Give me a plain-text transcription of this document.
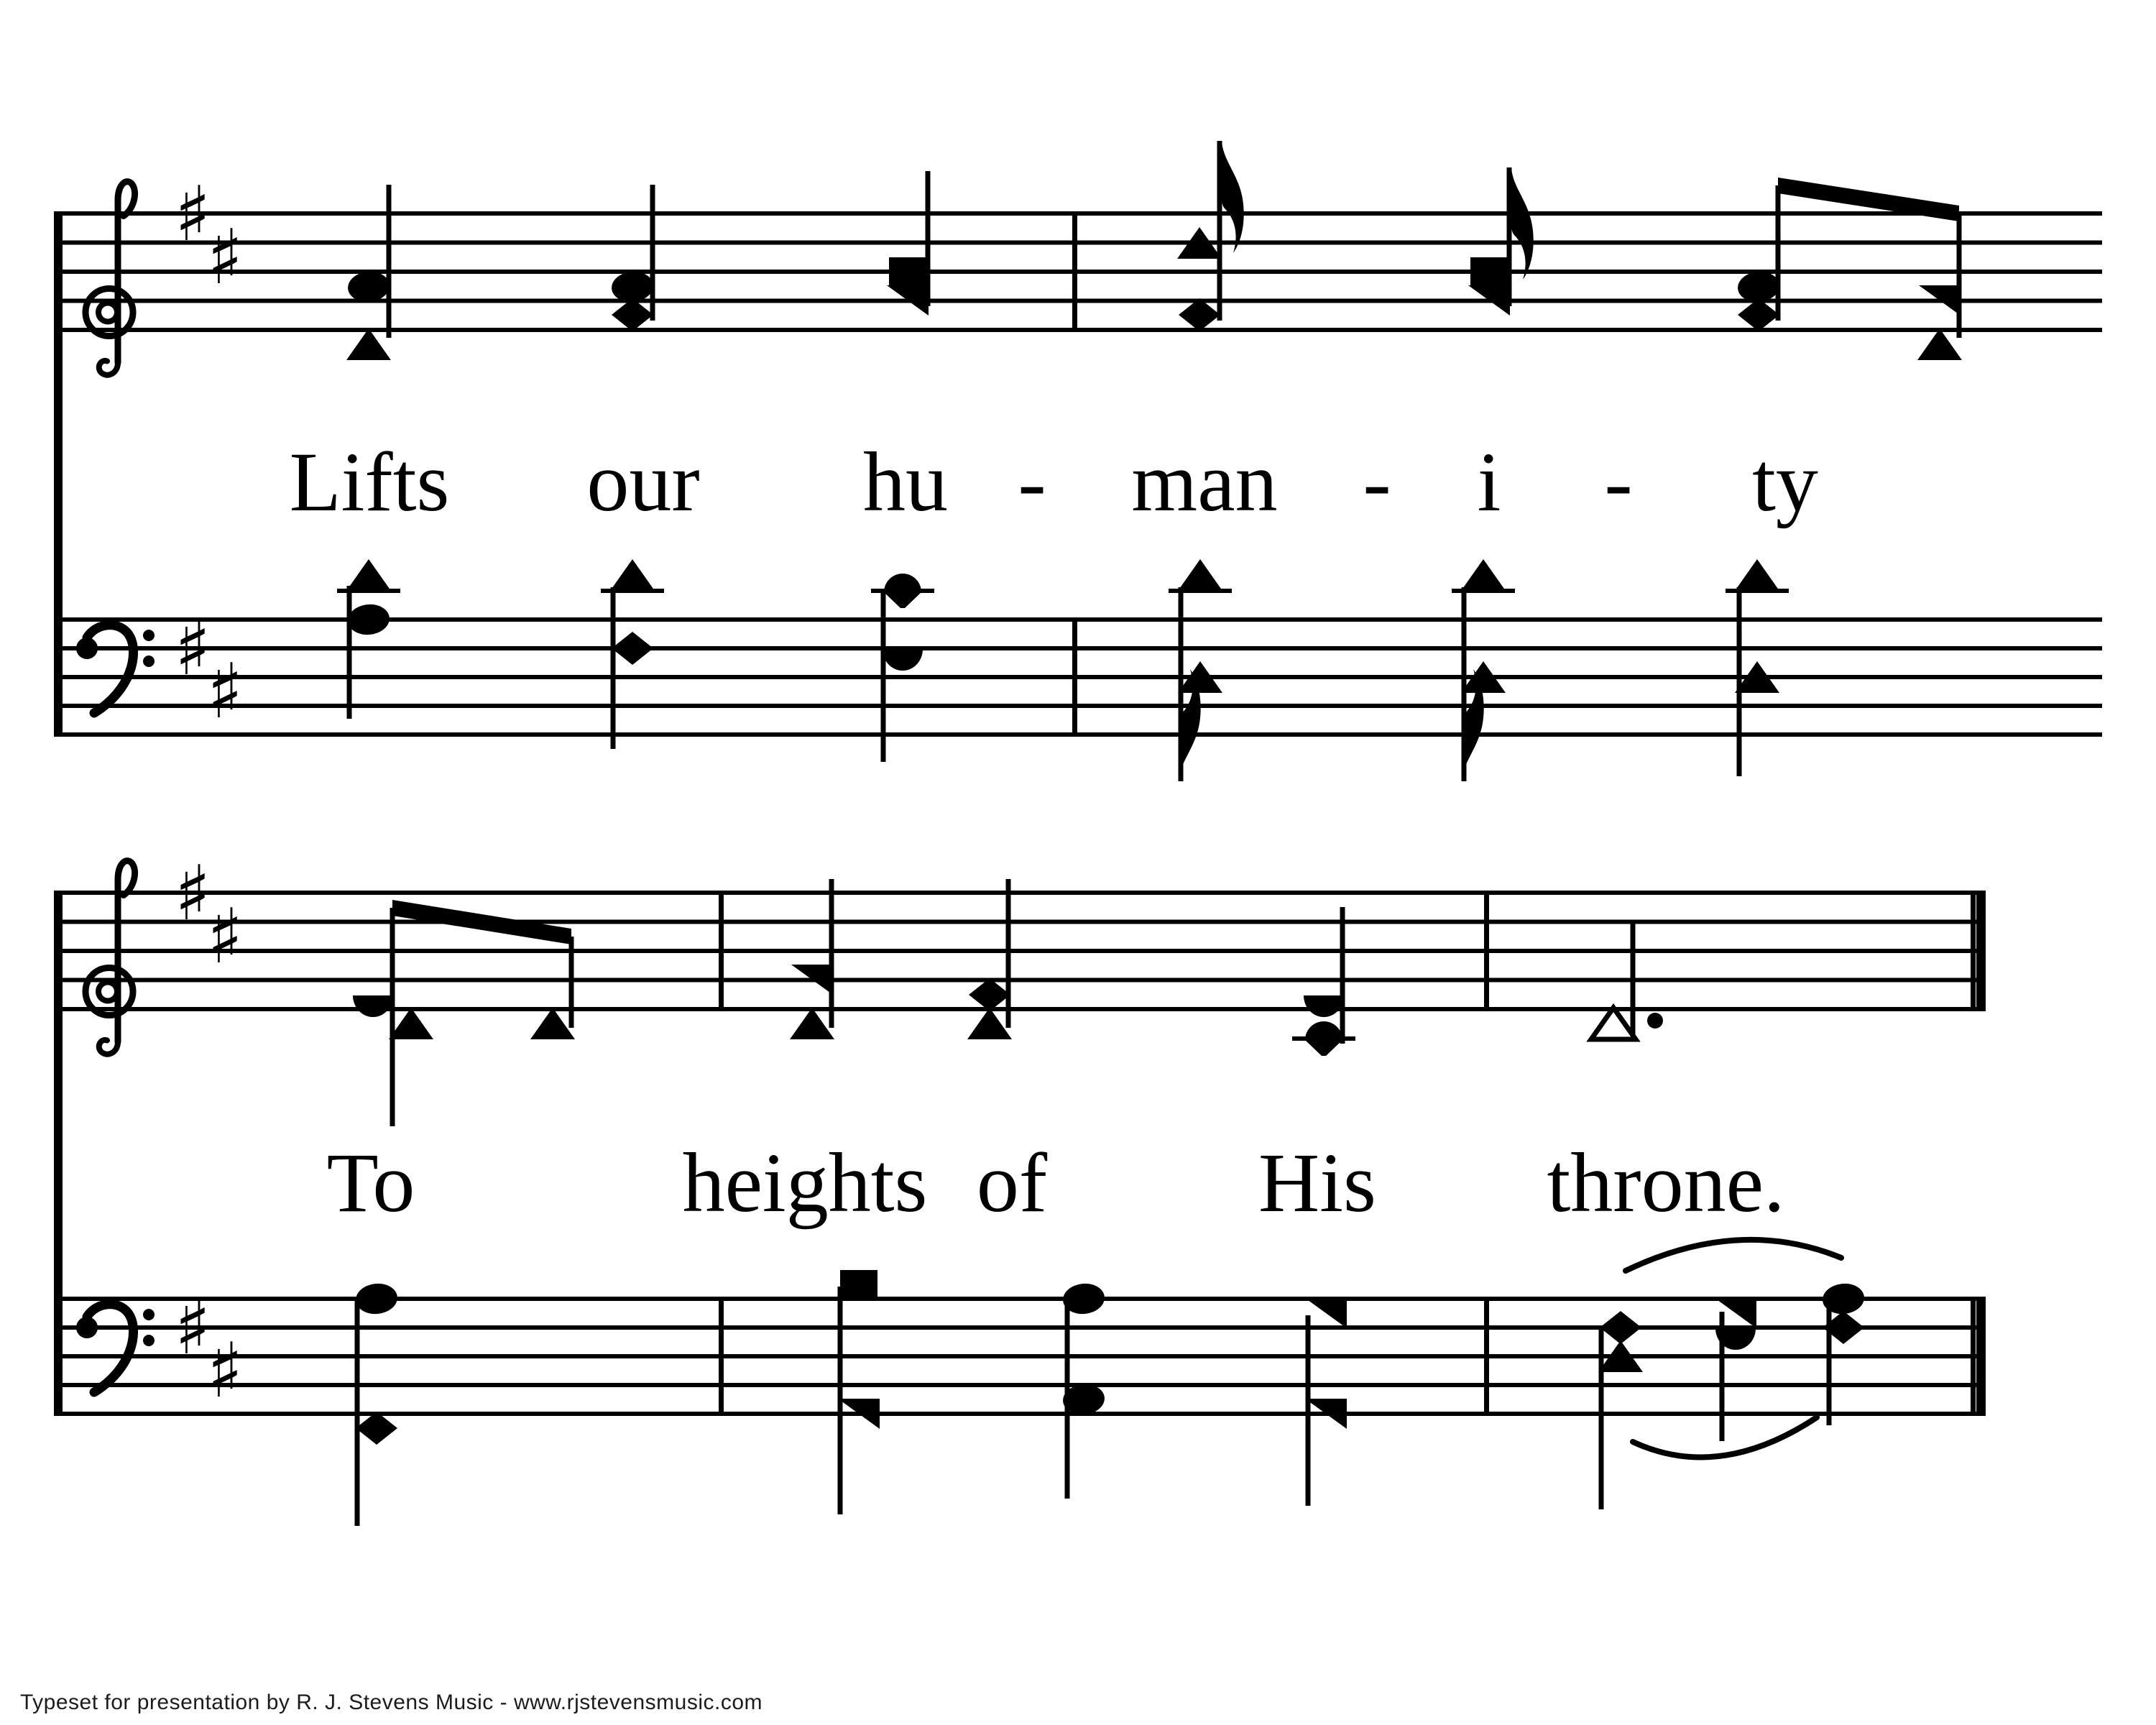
♯
♯
♯
♯
♯
♯
♯
♯
Lifts our hu - man - i - ty
To	heights of His throne.
Typeset for presentation by R. J. Stevens Music - www.rjstevensmusic.com
